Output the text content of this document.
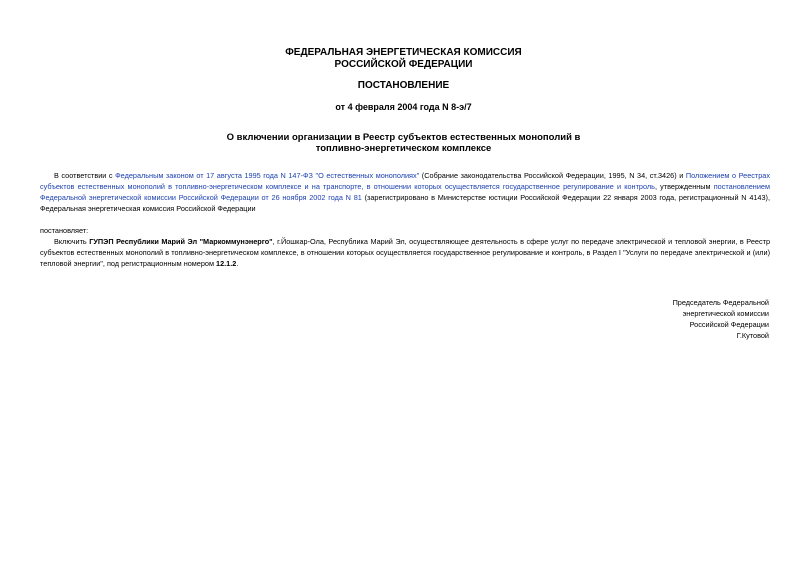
ФЕДЕРАЛЬНАЯ ЭНЕРГЕТИЧЕСКАЯ КОМИССИЯ
РОССИЙСКОЙ ФЕДЕРАЦИИ
ПОСТАНОВЛЕНИЕ
от 4 февраля 2004 года N 8-э/7
О включении организации в Реестр субъектов естественных монополий в
топливно-энергетическом комплексе
В соответствии с Федеральным законом от 17 августа 1995 года N 147-ФЗ "О естественных монополиях" (Собрание законодательства Российской Федерации, 1995, N 34, ст.3426) и Положением о Реестрах субъектов естественных монополий в топливно-энергетическом комплексе и на транспорте, в отношении которых осуществляется государственное регулирование и контроль, утвержденным постановлением Федеральной энергетической комиссии Российской Федерации от 26 ноября 2002 года N 81 (зарегистрировано в Министерстве юстиции Российской Федерации 22 января 2003 года, регистрационный N 4143), Федеральная энергетическая комиссия Российской Федерации
постановляет:
Включить ГУПЭП Республики Марий Эл "Маркоммунэнерго", г.Йошкар-Ола, Республика Марий Эл, осуществляющее деятельность в сфере услуг по передаче электрической и тепловой энергии, в Реестр субъектов естественных монополий в топливно-энергетическом комплексе, в отношении которых осуществляется государственное регулирование и контроль, в Раздел I "Услуги по передаче электрической и (или) тепловой энергии", под регистрационным номером 12.1.2.
Председатель Федеральной
энергетической комиссии
Российской Федерации
Г.Кутовой
